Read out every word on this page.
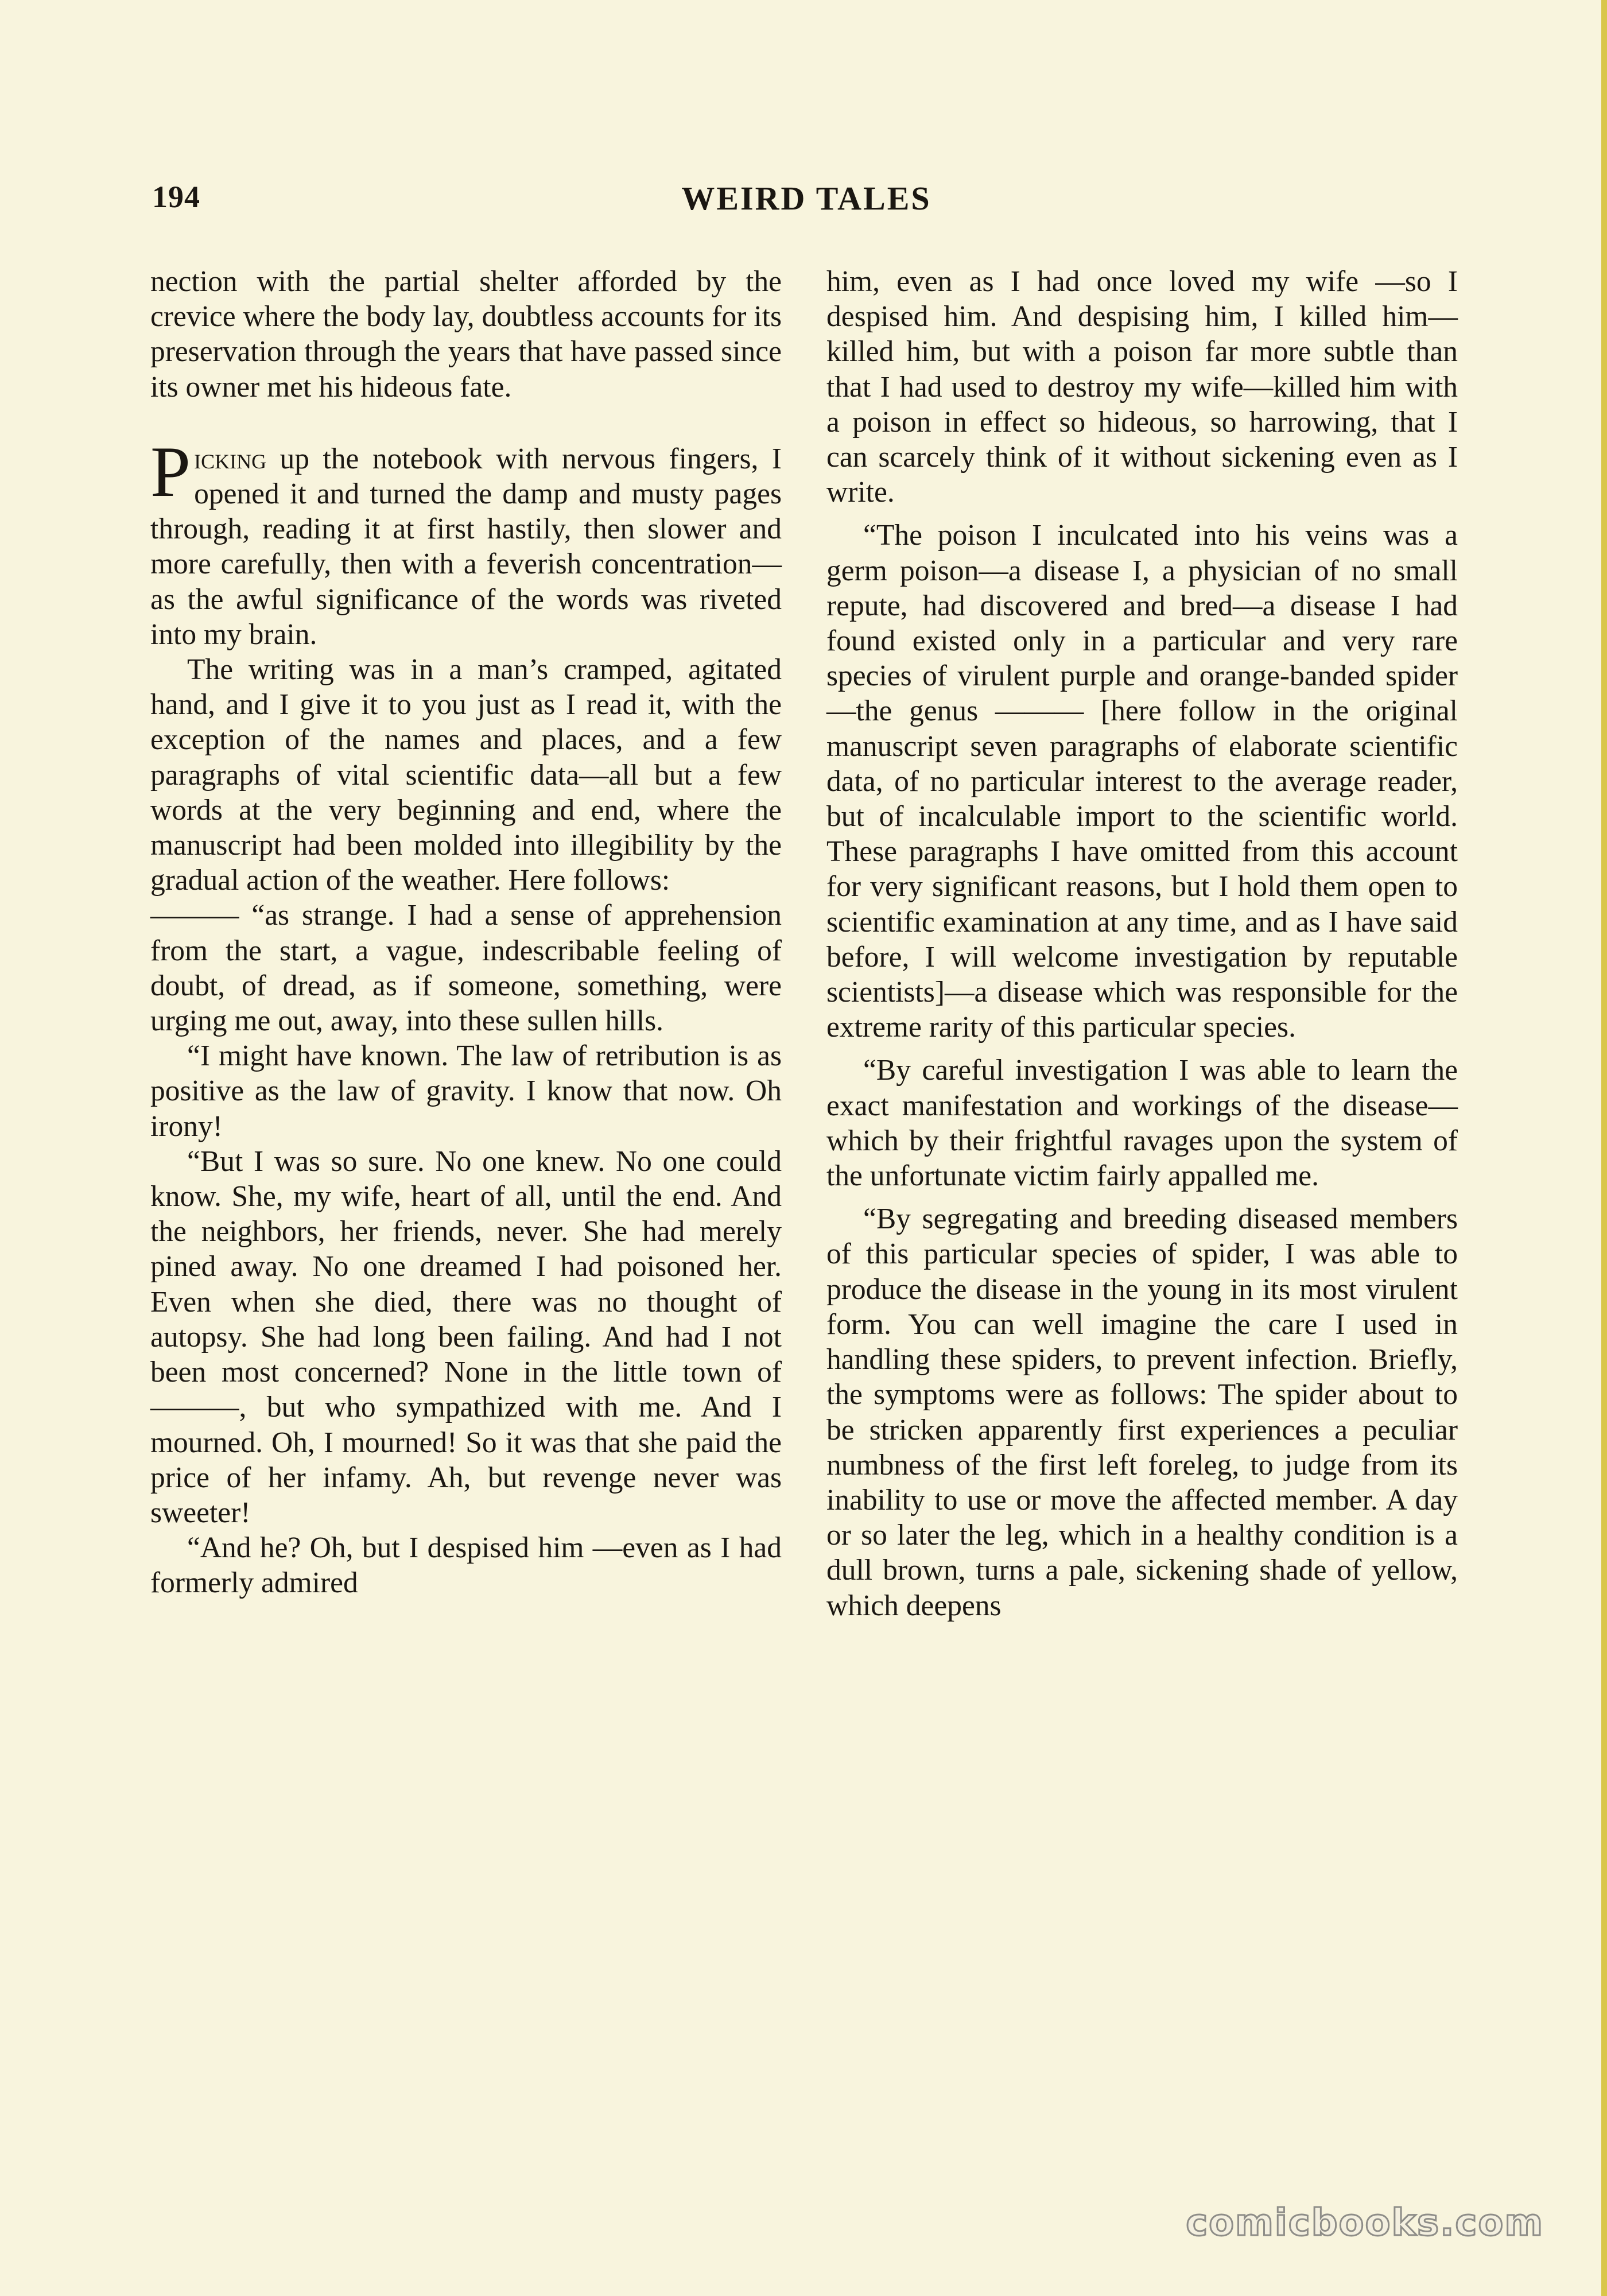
WEIRD TALES
194

nection with the partial shelter afforded by the crevice where the body lay, doubtless accounts for its preservation through the years that have passed since its owner met his hideous fate.

Picking up the notebook with nervous fingers, I opened it and turned the damp and musty pages through, reading it at first hastily, then slower and more carefully, then with a feverish concentration—as the awful significance of the words was riveted into my brain.

The writing was in a man’s cramped, agitated hand, and I give it to you just as I read it, with the exception of the names and places, and a few paragraphs of vital scientific data—all but a few words at the very beginning and end, where the manuscript had been molded into illegibility by the gradual action of the weather. Here follows:

——— “as strange. I had a sense of apprehension from the start, a vague, indescribable feeling of doubt, of dread, as if someone, something, were urging me out, away, into these sullen hills.

“I might have known. The law of retribution is as positive as the law of gravity. I know that now. Oh irony!

“But I was so sure. No one knew. No one could know. She, my wife, heart of all, until the end. And the neighbors, her friends, never. She had merely pined away. No one dreamed I had poisoned her. Even when she died, there was no thought of autopsy. She had long been failing. And had I not been most concerned? None in the little town of ———, but who sympathized with me. And I mourned. Oh, I mourned! So it was that she paid the price of her infamy. Ah, but revenge never was sweeter!

“And he? Oh, but I despised him —even as I had formerly admired

him, even as I had once loved my wife —so I despised him. And despising him, I killed him—killed him, but with a poison far more subtle than that I had used to destroy my wife—killed him with a poison in effect so hideous, so harrowing, that I can scarcely think of it without sickening even as I write.

“The poison I inculcated into his veins was a germ poison—a disease I, a physician of no small repute, had discovered and bred—a disease I had found existed only in a particular and very rare species of virulent purple and orange-banded spider—the genus ——— [here follow in the original manuscript seven paragraphs of elaborate scientific data, of no particular interest to the average reader, but of incalculable import to the scientific world. These paragraphs I have omitted from this account for very significant reasons, but I hold them open to scientific examination at any time, and as I have said before, I will welcome investigation by reputable scientists]—a disease which was responsible for the extreme rarity of this particular species.

“By careful investigation I was able to learn the exact manifestation and workings of the disease—which by their frightful ravages upon the system of the unfortunate victim fairly appalled me.

“By segregating and breeding diseased members of this particular species of spider, I was able to produce the disease in the young in its most virulent form. You can well imagine the care I used in handling these spiders, to prevent infection. Briefly, the symptoms were as follows: The spider about to be stricken apparently first experiences a peculiar numbness of the first left foreleg, to judge from its inability to use or move the affected member. A day or so later the leg, which in a healthy condition is a dull brown, turns a pale, sickening shade of yellow, which deepens

comicbooks.com
